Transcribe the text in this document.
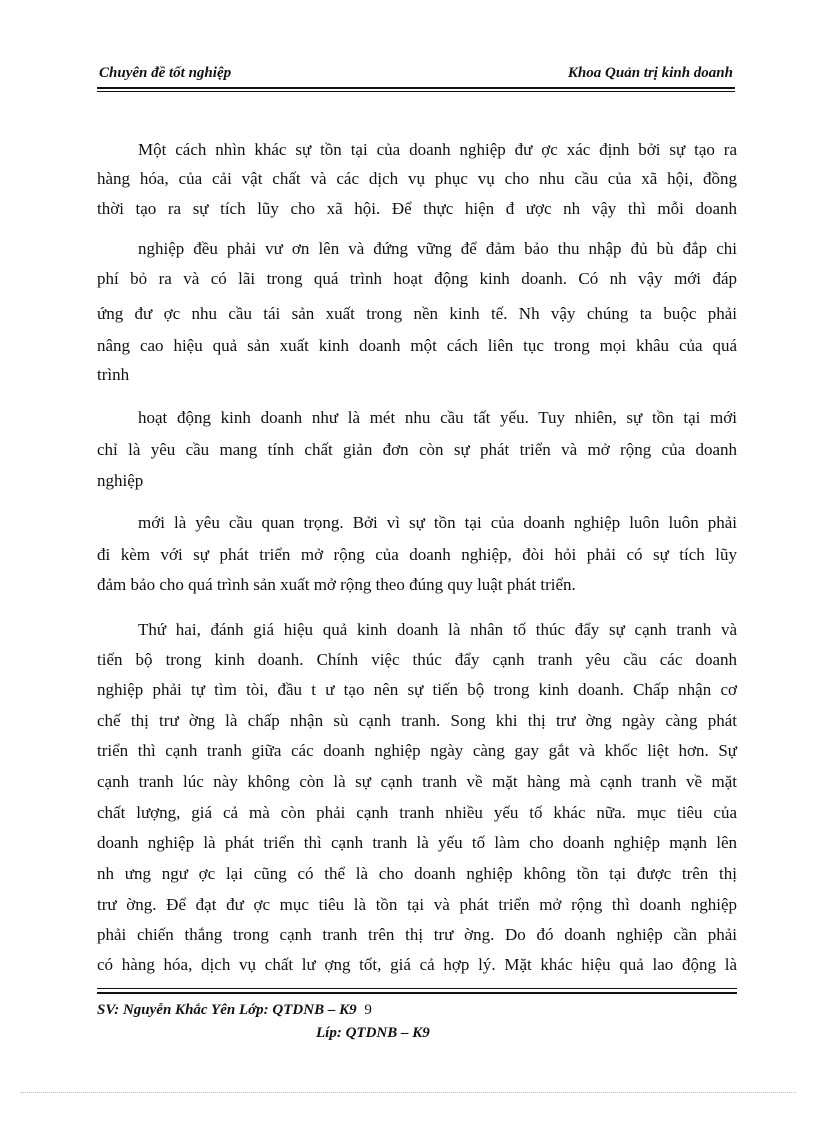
Chuyên đề tốt nghiệp	Khoa Quản trị kinh doanh
Một cách nhìn khác sự tồn tại của doanh nghiệp đư ợc xác định bởi sự tạo ra
hàng hóa, của cải vật chất và các dịch vụ phục vụ cho nhu cầu của xã hội, đồng
thời tạo ra sự tích lũy cho xã hội. Để thực hiện đ ược nh vậy thì mỗi doanh
nghiệp đều phải vư ơn lên và đứng vững để đảm bảo thu nhập đủ bù đắp chi
phí bỏ ra và có lãi trong quá trình hoạt động kinh doanh. Có nh vậy mới đáp
ứng đư ợc nhu cầu tái sản xuất trong nền kinh tế. Nh vậy chúng ta buộc phải
nâng cao hiệu quả sản xuất kinh doanh một cách liên tục trong mọi khâu của quá
trình
hoạt động kinh doanh như là mét nhu cầu tất yếu. Tuy nhiên, sự tồn tại mới
chỉ là yêu cầu mang tính chất giản đơn còn sự phát triển và mở rộng của doanh
nghiệp
mới là yêu cầu quan trọng. Bởi vì sự tồn tại của doanh nghiệp luôn luôn phải
đi kèm với sự phát triển mở rộng của doanh nghiệp, đòi hỏi phải có sự tích lũy
đảm bảo cho quá trình sản xuất mở rộng theo đúng quy luật phát triển.
Thứ hai, đánh giá hiệu quả kinh doanh là nhân tố thúc đẩy sự cạnh tranh và
tiến bộ trong kinh doanh. Chính việc thúc đẩy cạnh tranh yêu cầu các doanh
nghiệp phải tự tìm tòi, đầu t ư tạo nên sự tiến bộ trong kinh doanh. Chấp nhận cơ
chế thị trư ờng là chấp nhận sù cạnh tranh. Song khi thị trư ờng ngày càng phát
triển thì cạnh tranh giữa các doanh nghiệp ngày càng gay gắt và khốc liệt hơn. Sự
cạnh tranh lúc này không còn là sự cạnh tranh về mặt hàng mà cạnh tranh về mặt
chất lượng, giá cả mà còn phải cạnh tranh nhiều yếu tố khác nữa. mục tiêu của
doanh nghiệp là phát triển thì cạnh tranh là yếu tố làm cho doanh nghiệp mạnh lên
nh ưng ngư ợc lại cũng có thể là cho doanh nghiệp không tồn tại được trên thị
trư ờng. Để đạt đư ợc mục tiêu là tồn tại và phát triển mở rộng thì doanh nghiệp
phải chiến thắng trong cạnh tranh trên thị trư ờng. Do đó doanh nghiệp cần phải
có hàng hóa, dịch vụ chất lư ợng tốt, giá cả hợp lý. Mặt khác hiệu quả lao động là
SV: Nguyễn Khắc Yên Lớp: QTDNB – K9 9
Líp: QTDNB – K9
